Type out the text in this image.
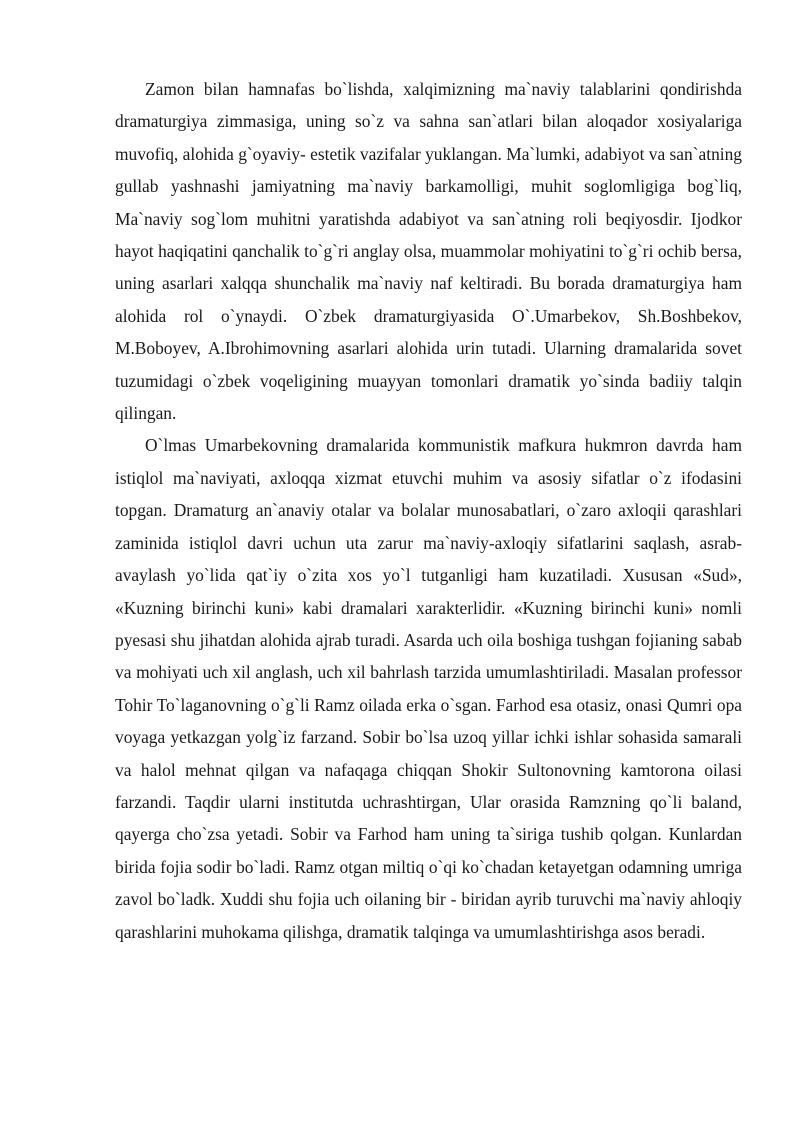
Zamon bilan hamnafas bo`lishda, xalqimizning ma`naviy talablarini qondirishda dramaturgiya zimmasiga, uning so`z va sahna san`atlari bilan aloqador xosiyalariga muvofiq, alohida g`oyaviy- estetik vazifalar yuklangan. Ma`lumki, adabiyot va san`atning gullab yashnashi jamiyatning ma`naviy barkamolligi, muhit soglomligiga bog`liq, Ma`naviy sog`lom muhitni yaratishda adabiyot va san`atning roli beqiyosdir. Ijodkor hayot haqiqatini qanchalik to`g`ri anglay olsa, muammolar mohiyatini to`g`ri ochib bersa, uning asarlari xalqqa shunchalik ma`naviy naf keltiradi. Bu borada dramaturgiya ham alohida rol o`ynaydi. O`zbek dramaturgiyasida O`.Umarbekov, Sh.Boshbekov, M.Boboyev, A.Ibrohimovning asarlari alohida urin tutadi. Ularning dramalarida sovet tuzumidagi o`zbek voqeligining muayyan tomonlari dramatik yo`sinda badiiy talqin qilingan.

O`lmas Umarbekovning dramalarida kommunistik mafkura hukmron davrda ham istiqlol ma`naviyati, axloqqa xizmat etuvchi muhim va asosiy sifatlar o`z ifodasini topgan. Dramaturg an`anaviy otalar va bolalar munosabatlari, o`zaro axloqii qarashlari zaminida istiqlol davri uchun uta zarur ma`naviy-axloqiy sifatlarini saqlash, asrab-avaylash yo`lida qat`iy o`zita xos yo`l tutganligi ham kuzatiladi. Xususan «Sud», «Kuzning birinchi kuni» kabi dramalari xarakterlidir. «Kuzning birinchi kuni» nomli pyesasi shu jihatdan alohida ajrab turadi. Asarda uch oila boshiga tushgan fojianing sabab va mohiyati uch xil anglash, uch xil bahrlash tarzida umumlashtiriladi. Masalan professor Tohir To`laganovning o`g`li Ramz oilada erka o`sgan. Farhod esa otasiz, onasi Qumri opa voyaga yetkazgan yolg`iz farzand. Sobir bo`lsa uzoq yillar ichki ishlar sohasida samarali va halol mehnat qilgan va nafaqaga chiqqan Shokir Sultonovning kamtorona oilasi farzandi. Taqdir ularni institutda uchrashtirgan, Ular orasida Ramzning qo`li baland, qayerga cho`zsa yetadi. Sobir va Farhod ham uning ta`siriga tushib qolgan. Kunlardan birida fojia sodir bo`ladi. Ramz otgan miltiq o`qi ko`chadan ketayetgan odamning umriga zavol bo`ladk. Xuddi shu fojia uch oilaning bir - biridan ayrib turuvchi ma`naviy ahloqiy qarashlarini muhokama qilishga, dramatik talqinga va umumlashtirishga asos beradi.
